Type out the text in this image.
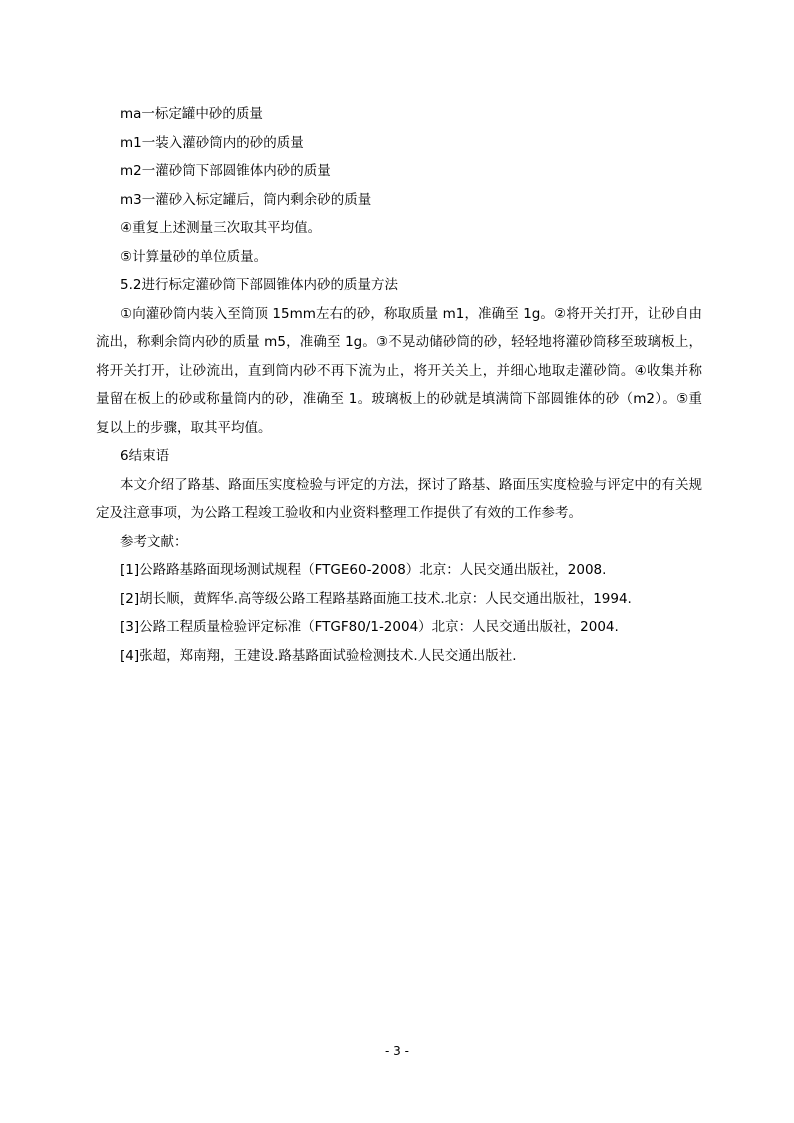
ma一标定罐中砂的质量

m1一装入灌砂筒内的砂的质量

m2一灌砂筒下部圆锥体内砂的质量

m3一灌砂入标定罐后，筒内剩余砂的质量

④重复上述测量三次取其平均值。

⑤计算量砂的单位质量。

5.2进行标定灌砂筒下部圆锥体内砂的质量方法

①向灌砂筒内装入至筒顶 15mm左右的砂，称取质量 m1，准确至 1g。②将开关打开，让砂自由流出，称剩余筒内砂的质量 m5，准确至 1g。③不晃动储砂筒的砂，轻轻地将灌砂筒移至玻璃板上，将开关打开，让砂流出，直到筒内砂不再下流为止，将开关关上，并细心地取走灌砂筒。④收集并称量留在板上的砂或称量筒内的砂，准确至 1。玻璃板上的砂就是填满筒下部圆锥体的砂（m2）。⑤重复以上的步骤，取其平均值。

6结束语

本文介绍了路基、路面压实度检验与评定的方法，探讨了路基、路面压实度检验与评定中的有关规定及注意事项，为公路工程竣工验收和内业资料整理工作提供了有效的工作参考。

参考文献：

[1]公路路基路面现场测试规程（FTGE60-2008）北京：人民交通出版社，2008.

[2]胡长顺，黄辉华.高等级公路工程路基路面施工技术.北京：人民交通出版社，1994.

[3]公路工程质量检验评定标准（FTGF80/1-2004）北京：人民交通出版社，2004.

[4]张超，郑南翔，王建设.路基路面试验检测技术.人民交通出版社.

- 3 -
